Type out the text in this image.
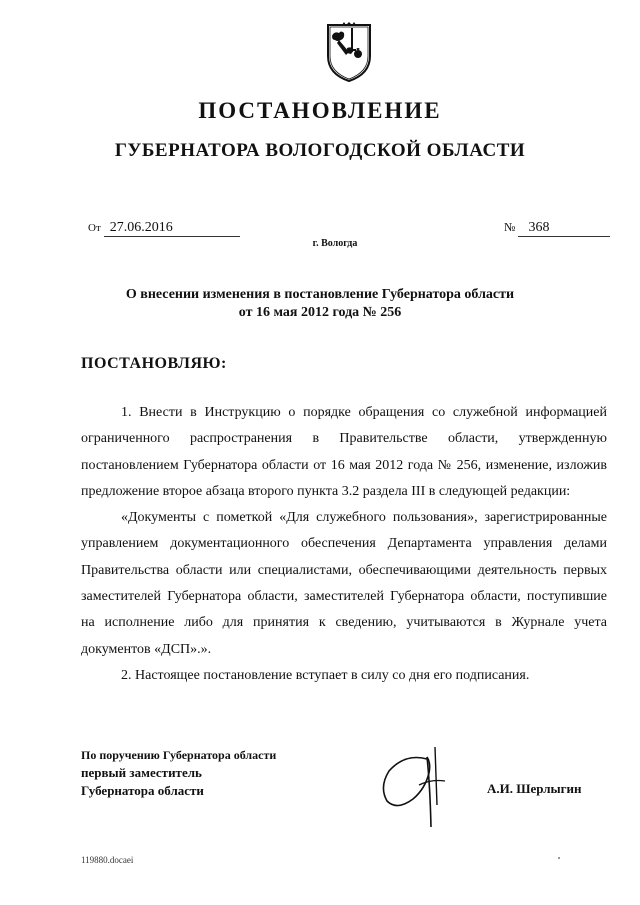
ПОСТАНОВЛЕНИЕ
ГУБЕРНАТОРА ВОЛОГОДСКОЙ ОБЛАСТИ
От 27.06.2016	№ 368
г. Вологда
О внесении изменения в постановление Губернатора области
от 16 мая 2012 года № 256
ПОСТАНОВЛЯЮ:

1. Внести в Инструкцию о порядке обращения со служебной информацией ограниченного распространения в Правительстве области, утвержденную постановлением Губернатора области от 16 мая 2012 года № 256, изменение, изложив предложение второе абзаца второго пункта 3.2 раздела III в следующей редакции:

«Документы с пометкой «Для служебного пользования», зарегистрированные управлением документационного обеспечения Департамента управления делами Правительства области или специалистами, обеспечивающими деятельность первых заместителей Губернатора области, заместителей Губернатора области, поступившие на исполнение либо для принятия к сведению, учитываются в Журнале учета документов «ДСП».».

2. Настоящее постановление вступает в силу со дня его подписания.

По поручению Губернатора области
первый заместитель
Губернатора области	А.И. Шерлыгин
119880.docaei
